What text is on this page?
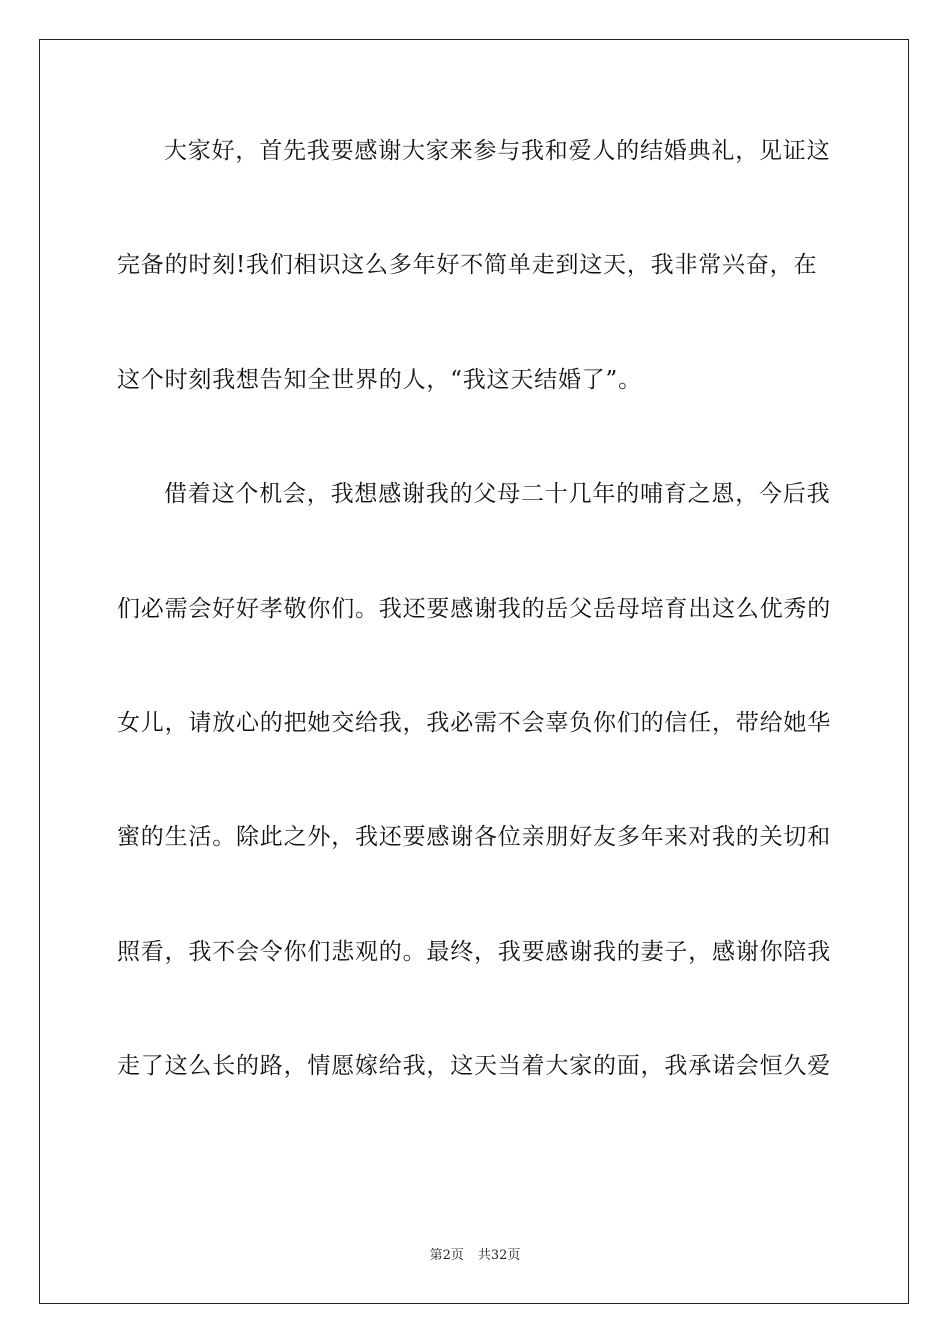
大家好，首先我要感谢大家来参与我和爱人的结婚典礼，见证这
完备的时刻!我们相识这么多年好不简单走到这天，我非常兴奋，在
这个时刻我想告知全世界的人，“我这天结婚了”。
借着这个机会，我想感谢我的父母二十几年的哺育之恩，今后我
们必需会好好孝敬你们。我还要感谢我的岳父岳母培育出这么优秀的
女儿，请放心的把她交给我，我必需不会辜负你们的信任，带给她华
蜜的生活。除此之外，我还要感谢各位亲朋好友多年来对我的关切和
照看，我不会令你们悲观的。最终，我要感谢我的妻子，感谢你陪我
走了这么长的路，情愿嫁给我，这天当着大家的面，我承诺会恒久爱
第2页 共32页
